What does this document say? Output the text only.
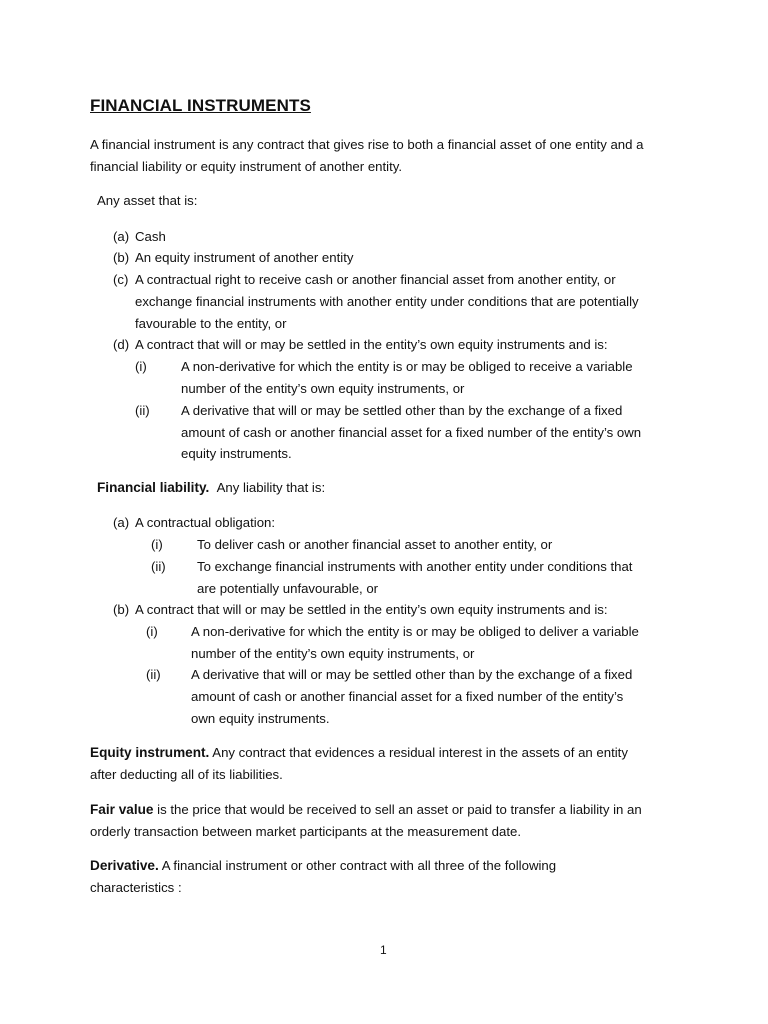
FINANCIAL INSTRUMENTS
A financial instrument is any contract that gives rise to both a financial asset of one entity and a
financial liability or equity instrument of another entity.
Any asset that is:
(a) Cash
(b) An equity instrument of another entity
(c) A contractual right to receive cash or another financial asset from another entity, or
exchange financial instruments with another entity under conditions that are potentially
favourable to the entity, or
(d) A contract that will or may be settled in the entity’s own equity instruments and is:
(i)	A non-derivative for which the entity is or may be obliged to receive a variable
number of the entity’s own equity instruments, or
(ii) A derivative that will or may be settled other than by the exchange of a fixed
amount of cash or another financial asset for a fixed number of the entity’s own
equity instruments.
Financial liability. Any liability that is:
(a) A contractual obligation:
(i)	To deliver cash or another financial asset to another entity, or
(ii) To exchange financial instruments with another entity under conditions that
are potentially unfavourable, or
(b) A contract that will or may be settled in the entity’s own equity instruments and is:
(i)	A non-derivative for which the entity is or may be obliged to deliver a variable
number of the entity’s own equity instruments, or
(ii) A derivative that will or may be settled other than by the exchange of a fixed
amount of cash or another financial asset for a fixed number of the entity’s
own equity instruments.
Equity instrument. Any contract that evidences a residual interest in the assets of an entity
after deducting all of its liabilities.
Fair value is the price that would be received to sell an asset or paid to transfer a liability in an
orderly transaction between market participants at the measurement date.
Derivative. A financial instrument or other contract with all three of the following
characteristics :
1
